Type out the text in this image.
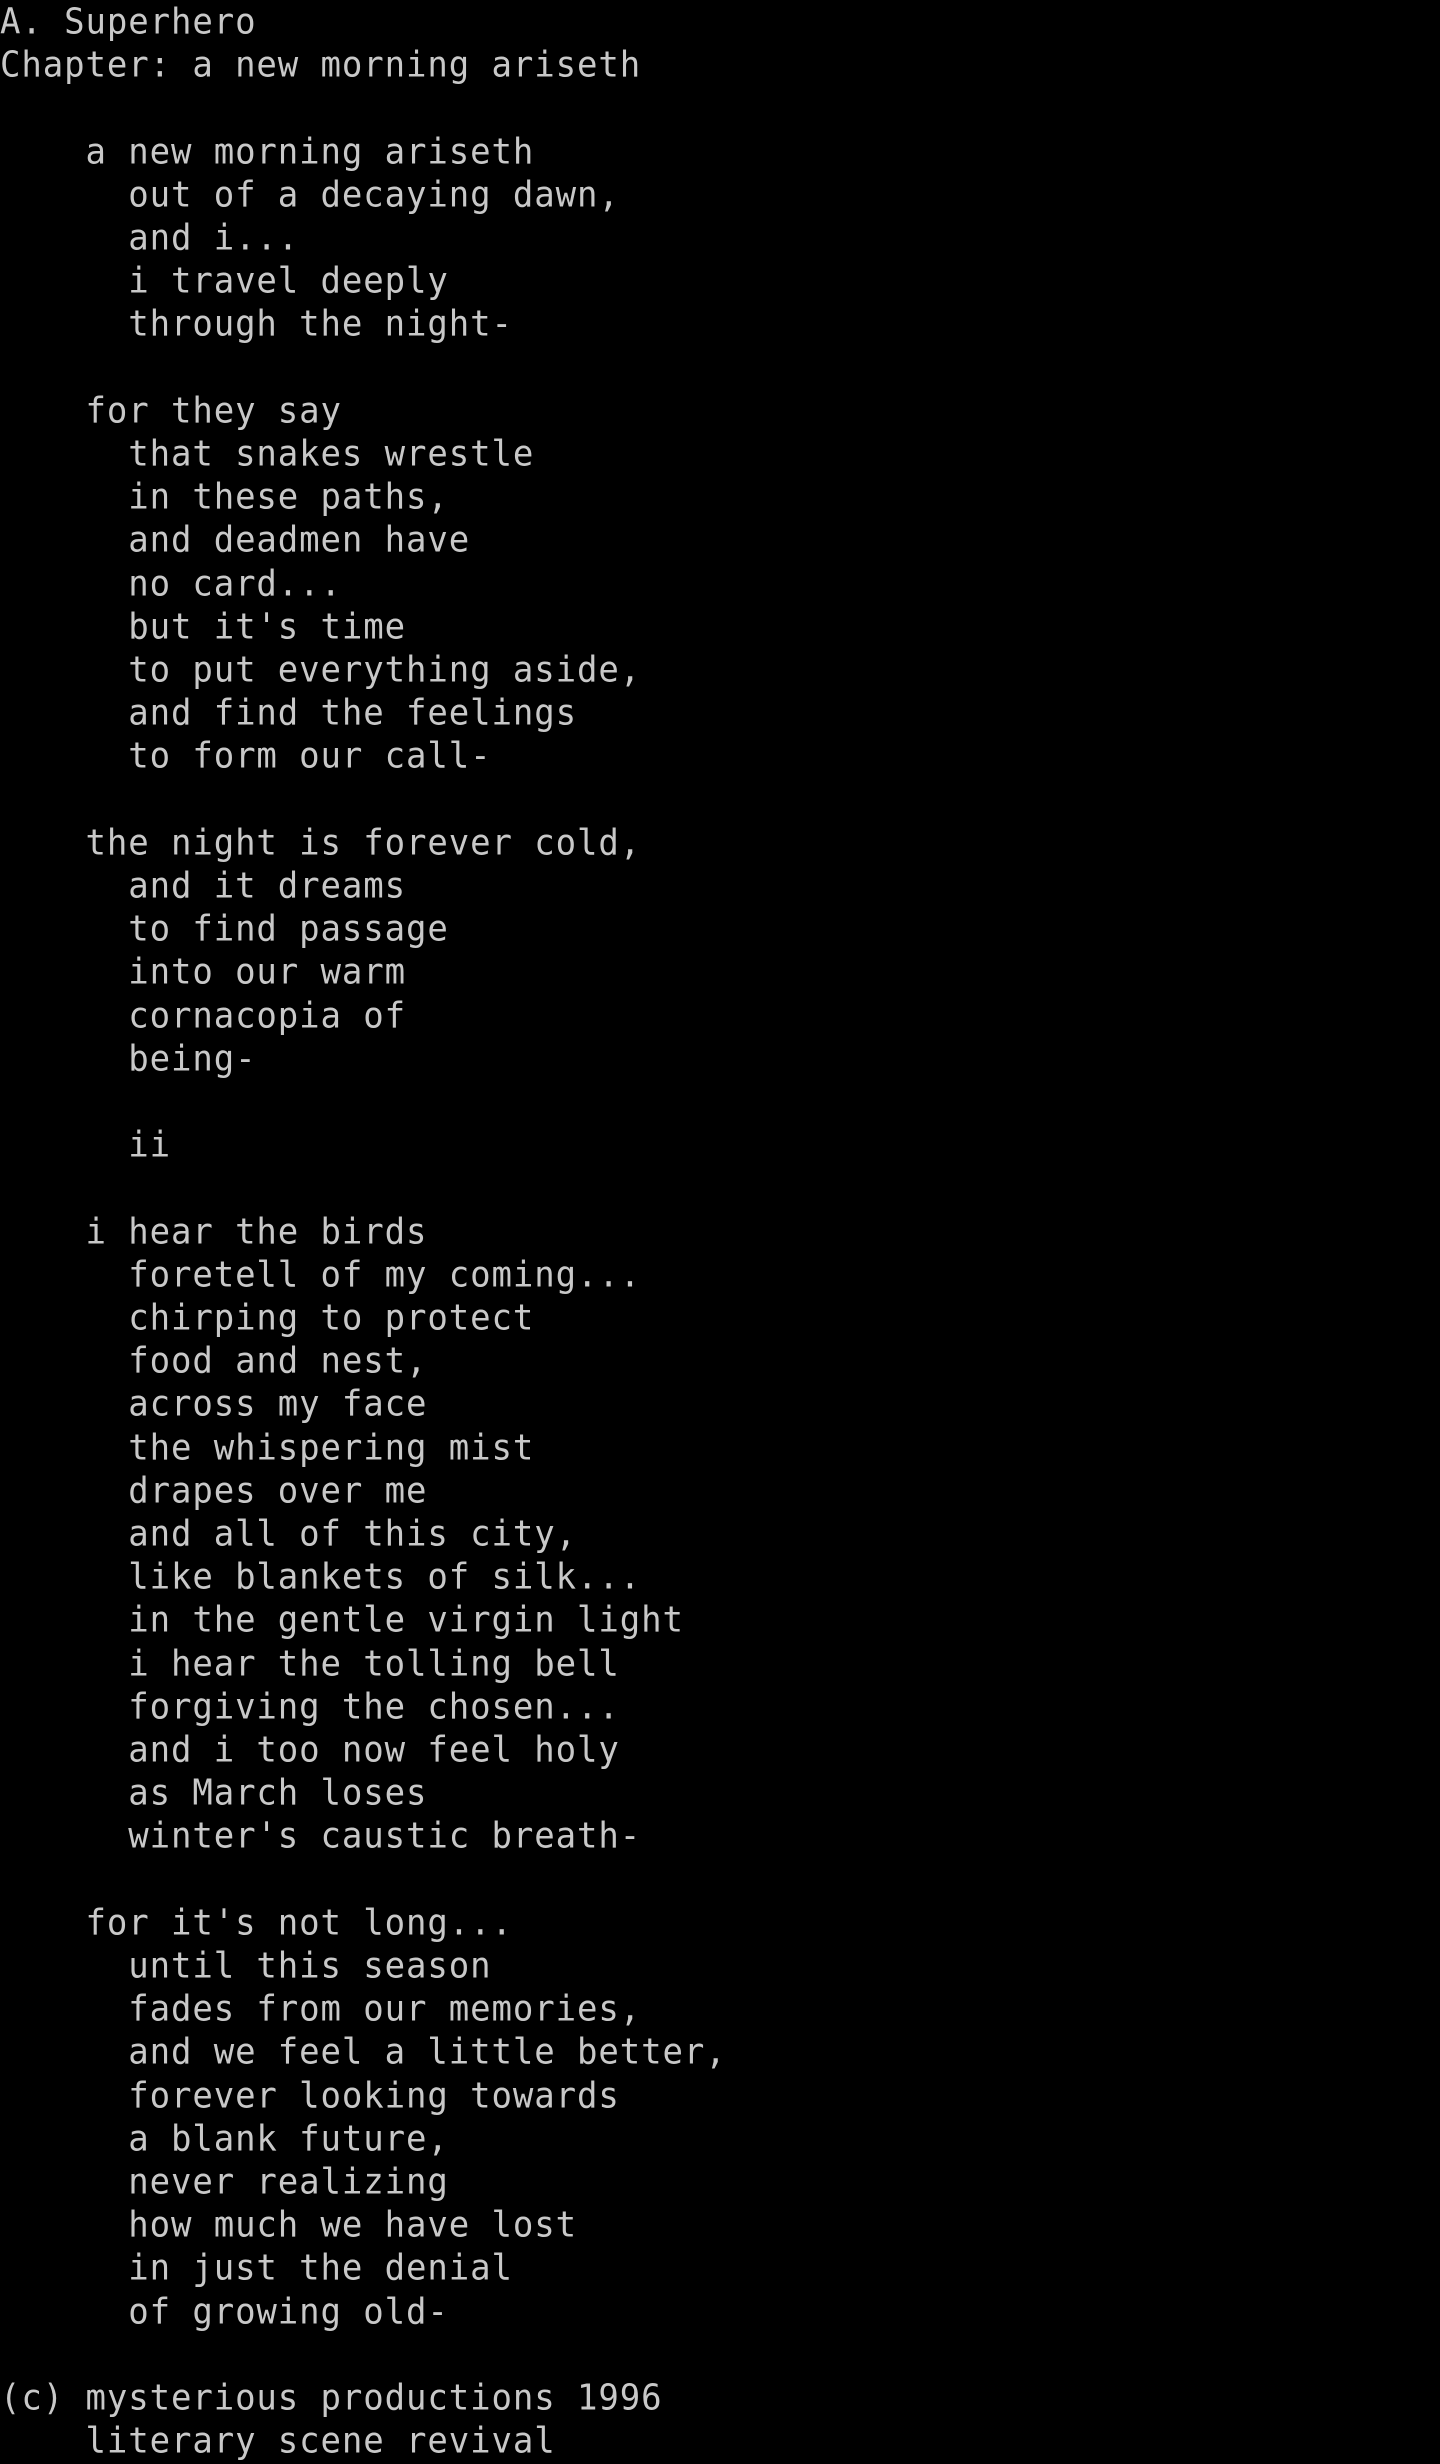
A. Superhero
Chapter: a new morning ariseth
a new morning ariseth
out of a decaying dawn,
and i...
i travel deeply
through the night-
for they say
that snakes wrestle
in these paths,
and deadmen have
no card...
but it's time
to put everything aside,
and find the feelings
to form our call-
the night is forever cold,
and it dreams
to find passage
into our warm
cornacopia of
being-
ii
i hear the birds
foretell of my coming...
chirping to protect
food and nest,
across my face
the whispering mist
drapes over me
and all of this city,
like blankets of silk...
in the gentle virgin light
i hear the tolling bell
forgiving the chosen...
and i too now feel holy
as March loses
winter's caustic breath-
for it's not long...
until this season
fades from our memories,
and we feel a little better,
forever looking towards
a blank future,
never realizing
how much we have lost
in just the denial
of growing old-
(c) mysterious productions 1996
literary scene revival
